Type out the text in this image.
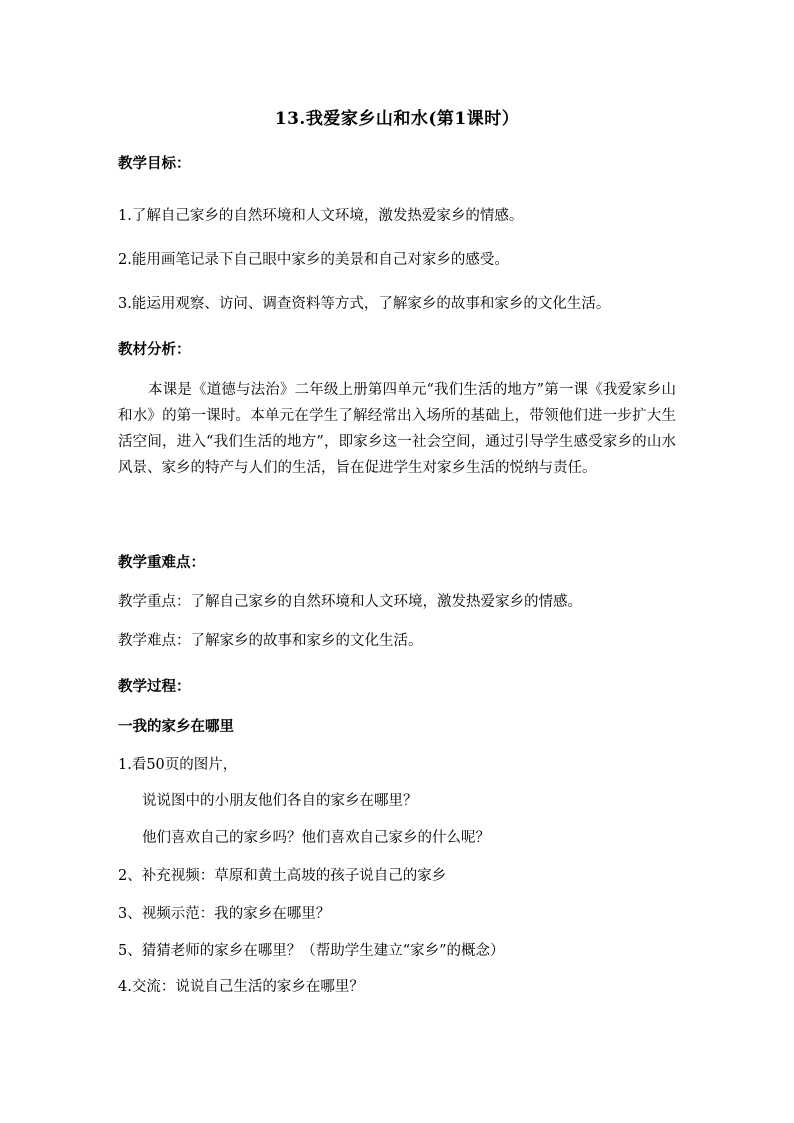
13.我爱家乡山和水(第1课时）
教学目标：
1.了解自己家乡的自然环境和人文环境，激发热爱家乡的情感。
2.能用画笔记录下自己眼中家乡的美景和自己对家乡的感受。
3.能运用观察、访问、调查资料等方式，了解家乡的故事和家乡的文化生活。
教材分析：
本课是《道德与法治》二年级上册第四单元“我们生活的地方”第一课《我爱家乡山和水》的第一课时。本单元在学生了解经常出入场所的基础上，带领他们进一步扩大生活空间，进入“我们生活的地方”，即家乡这一社会空间，通过引导学生感受家乡的山水风景、家乡的特产与人们的生活，旨在促进学生对家乡生活的悦纳与责任。
教学重难点：
教学重点：了解自己家乡的自然环境和人文环境，激发热爱家乡的情感。
教学难点：了解家乡的故事和家乡的文化生活。
教学过程：
一我的家乡在哪里
1.看50页的图片，
说说图中的小朋友他们各自的家乡在哪里？
他们喜欢自己的家乡吗？他们喜欢自己家乡的什么呢？
2、补充视频：草原和黄土高坡的孩子说自己的家乡
3、视频示范：我的家乡在哪里？
5、猜猜老师的家乡在哪里？（帮助学生建立“家乡”的概念）
4.交流：说说自己生活的家乡在哪里？
